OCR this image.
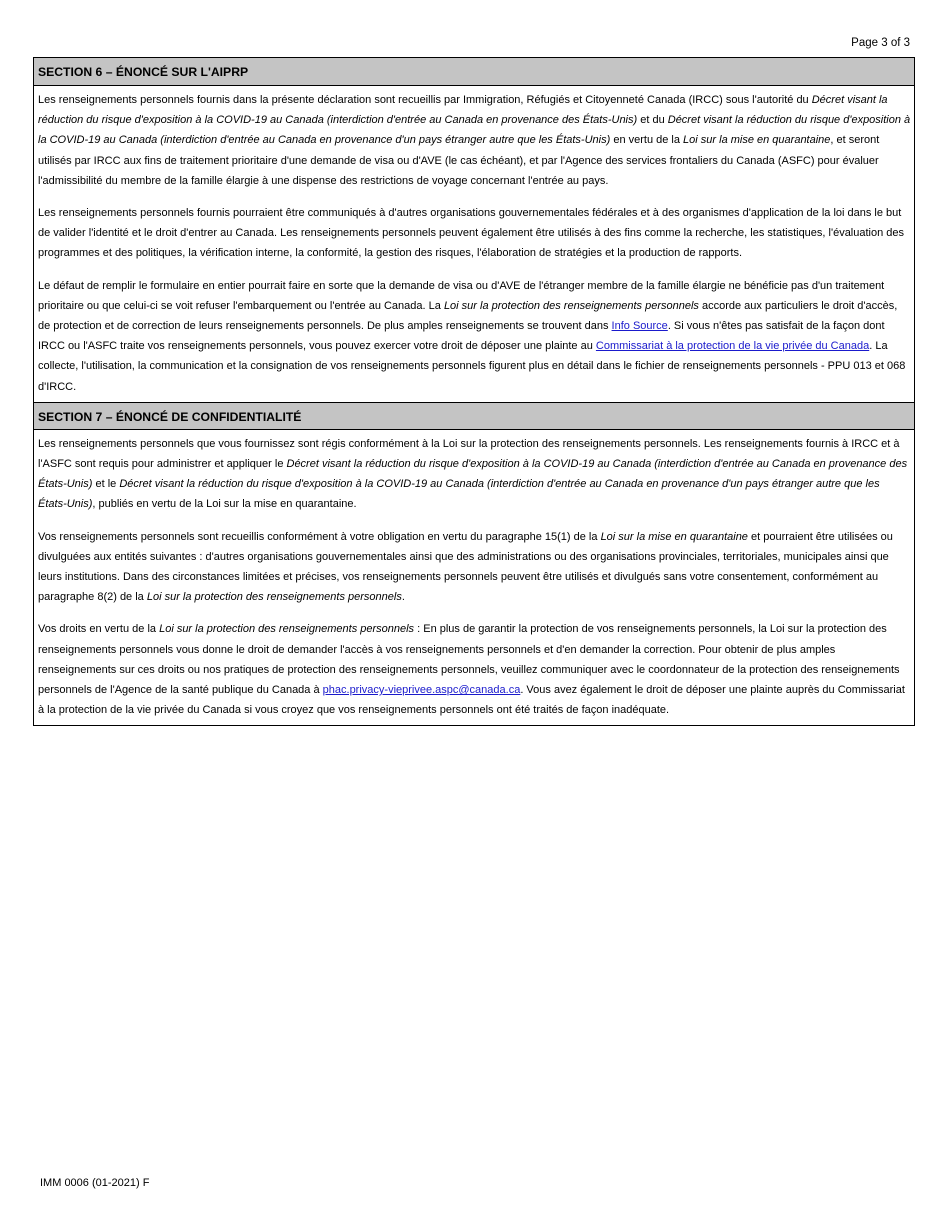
Page 3 of 3
SECTION 6 – ÉNONCÉ SUR L'AIPRP

Les renseignements personnels fournis dans la présente déclaration sont recueillis par Immigration, Réfugiés et Citoyenneté Canada (IRCC) sous l'autorité du Décret visant la réduction du risque d'exposition à la COVID-19 au Canada (interdiction d'entrée au Canada en provenance des États-Unis) et du Décret visant la réduction du risque d'exposition à la COVID-19 au Canada (interdiction d'entrée au Canada en provenance d'un pays étranger autre que les États-Unis) en vertu de la Loi sur la mise en quarantaine, et seront utilisés par IRCC aux fins de traitement prioritaire d'une demande de visa ou d'AVE (le cas échéant), et par l'Agence des services frontaliers du Canada (ASFC) pour évaluer l'admissibilité du membre de la famille élargie à une dispense des restrictions de voyage concernant l'entrée au pays.

Les renseignements personnels fournis pourraient être communiqués à d'autres organisations gouvernementales fédérales et à des organismes d'application de la loi dans le but de valider l'identité et le droit d'entrer au Canada. Les renseignements personnels peuvent également être utilisés à des fins comme la recherche, les statistiques, l'évaluation des programmes et des politiques, la vérification interne, la conformité, la gestion des risques, l'élaboration de stratégies et la production de rapports.

Le défaut de remplir le formulaire en entier pourrait faire en sorte que la demande de visa ou d'AVE de l'étranger membre de la famille élargie ne bénéficie pas d'un traitement prioritaire ou que celui-ci se voit refuser l'embarquement ou l'entrée au Canada. La Loi sur la protection des renseignements personnels accorde aux particuliers le droit d'accès, de protection et de correction de leurs renseignements personnels. De plus amples renseignements se trouvent dans Info Source. Si vous n'êtes pas satisfait de la façon dont IRCC ou l'ASFC traite vos renseignements personnels, vous pouvez exercer votre droit de déposer une plainte au Commissariat à la protection de la vie privée du Canada. La collecte, l'utilisation, la communication et la consignation de vos renseignements personnels figurent plus en détail dans le fichier de renseignements personnels - PPU 013 et 068 d'IRCC.

SECTION 7 – ÉNONCÉ DE CONFIDENTIALITÉ

Les renseignements personnels que vous fournissez sont régis conformément à la Loi sur la protection des renseignements personnels. Les renseignements fournis à IRCC et à l'ASFC sont requis pour administrer et appliquer le Décret visant la réduction du risque d'exposition à la COVID-19 au Canada (interdiction d'entrée au Canada en provenance des États-Unis) et le Décret visant la réduction du risque d'exposition à la COVID-19 au Canada (interdiction d'entrée au Canada en provenance d'un pays étranger autre que les États-Unis), publiés en vertu de la Loi sur la mise en quarantaine.

Vos renseignements personnels sont recueillis conformément à votre obligation en vertu du paragraphe 15(1) de la Loi sur la mise en quarantaine et pourraient être utilisées ou divulguées aux entités suivantes : d'autres organisations gouvernementales ainsi que des administrations ou des organisations provinciales, territoriales, municipales ainsi que leurs institutions. Dans des circonstances limitées et précises, vos renseignements personnels peuvent être utilisés et divulgués sans votre consentement, conformément au paragraphe 8(2) de la Loi sur la protection des renseignements personnels.

Vos droits en vertu de la Loi sur la protection des renseignements personnels : En plus de garantir la protection de vos renseignements personnels, la Loi sur la protection des renseignements personnels vous donne le droit de demander l'accès à vos renseignements personnels et d'en demander la correction. Pour obtenir de plus amples renseignements sur ces droits ou nos pratiques de protection des renseignements personnels, veuillez communiquer avec le coordonnateur de la protection des renseignements personnels de l'Agence de la santé publique du Canada à phac.privacy-vieprivee.aspc@canada.ca. Vous avez également le droit de déposer une plainte auprès du Commissariat à la protection de la vie privée du Canada si vous croyez que vos renseignements personnels ont été traités de façon inadéquate.

IMM 0006 (01-2021) F
